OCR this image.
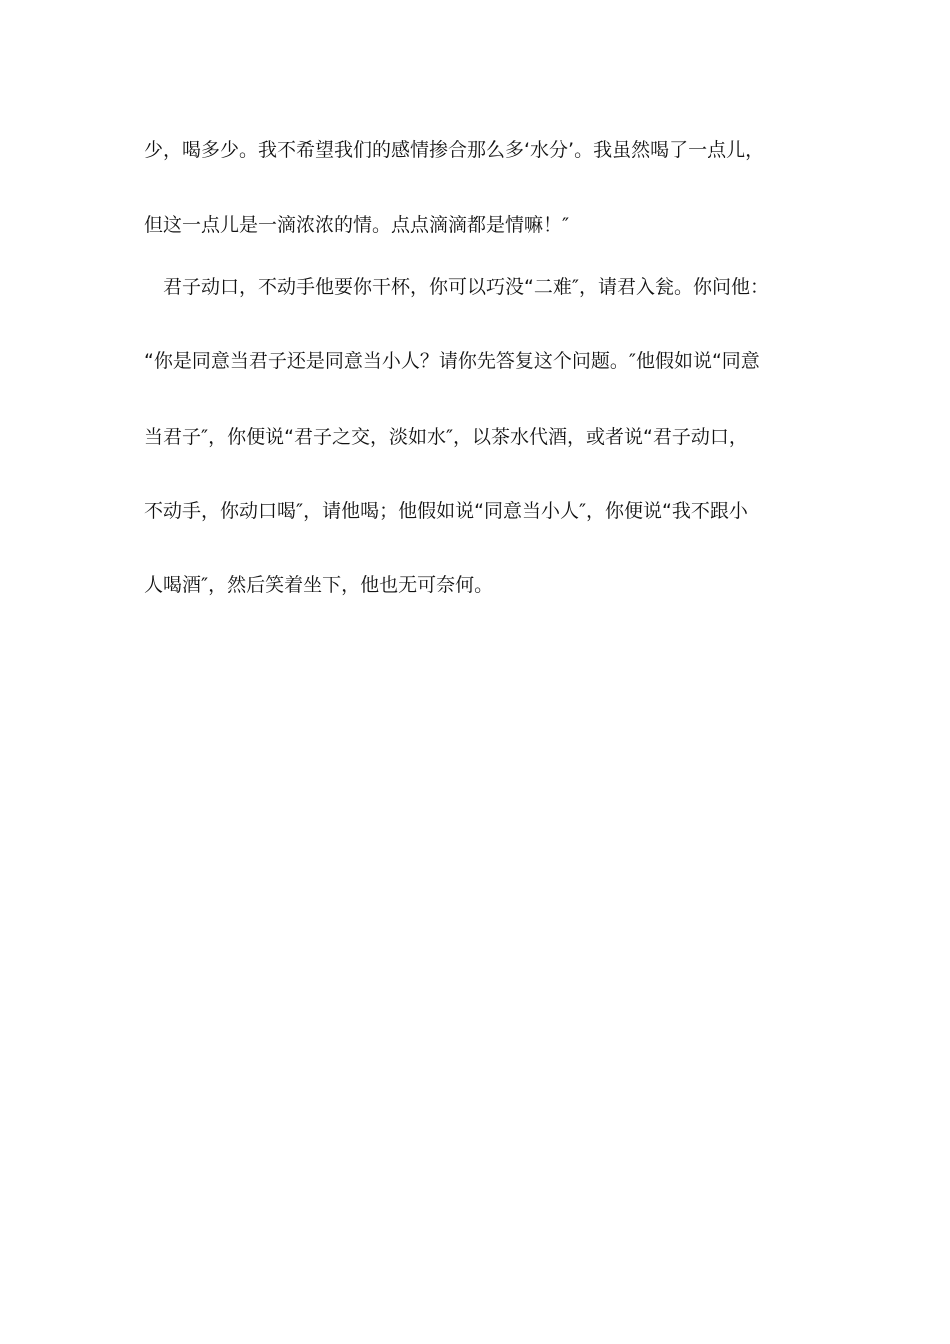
少，喝多少。我不希望我们的感情掺合那么多‘水分’。我虽然喝了一点儿，
但这一点儿是一滴浓浓的情。点点滴滴都是情嘛！″
　君子动口，不动手他要你干杯，你可以巧没“二难″，请君入瓮。你问他：
“你是同意当君子还是同意当小人？请你先答复这个问题。″他假如说“同意
当君子″，你便说“君子之交，淡如水″，以茶水代酒，或者说“君子动口，
不动手，你动口喝″，请他喝；他假如说“同意当小人″，你便说“我不跟小
人喝酒″，然后笑着坐下，他也无可奈何。
